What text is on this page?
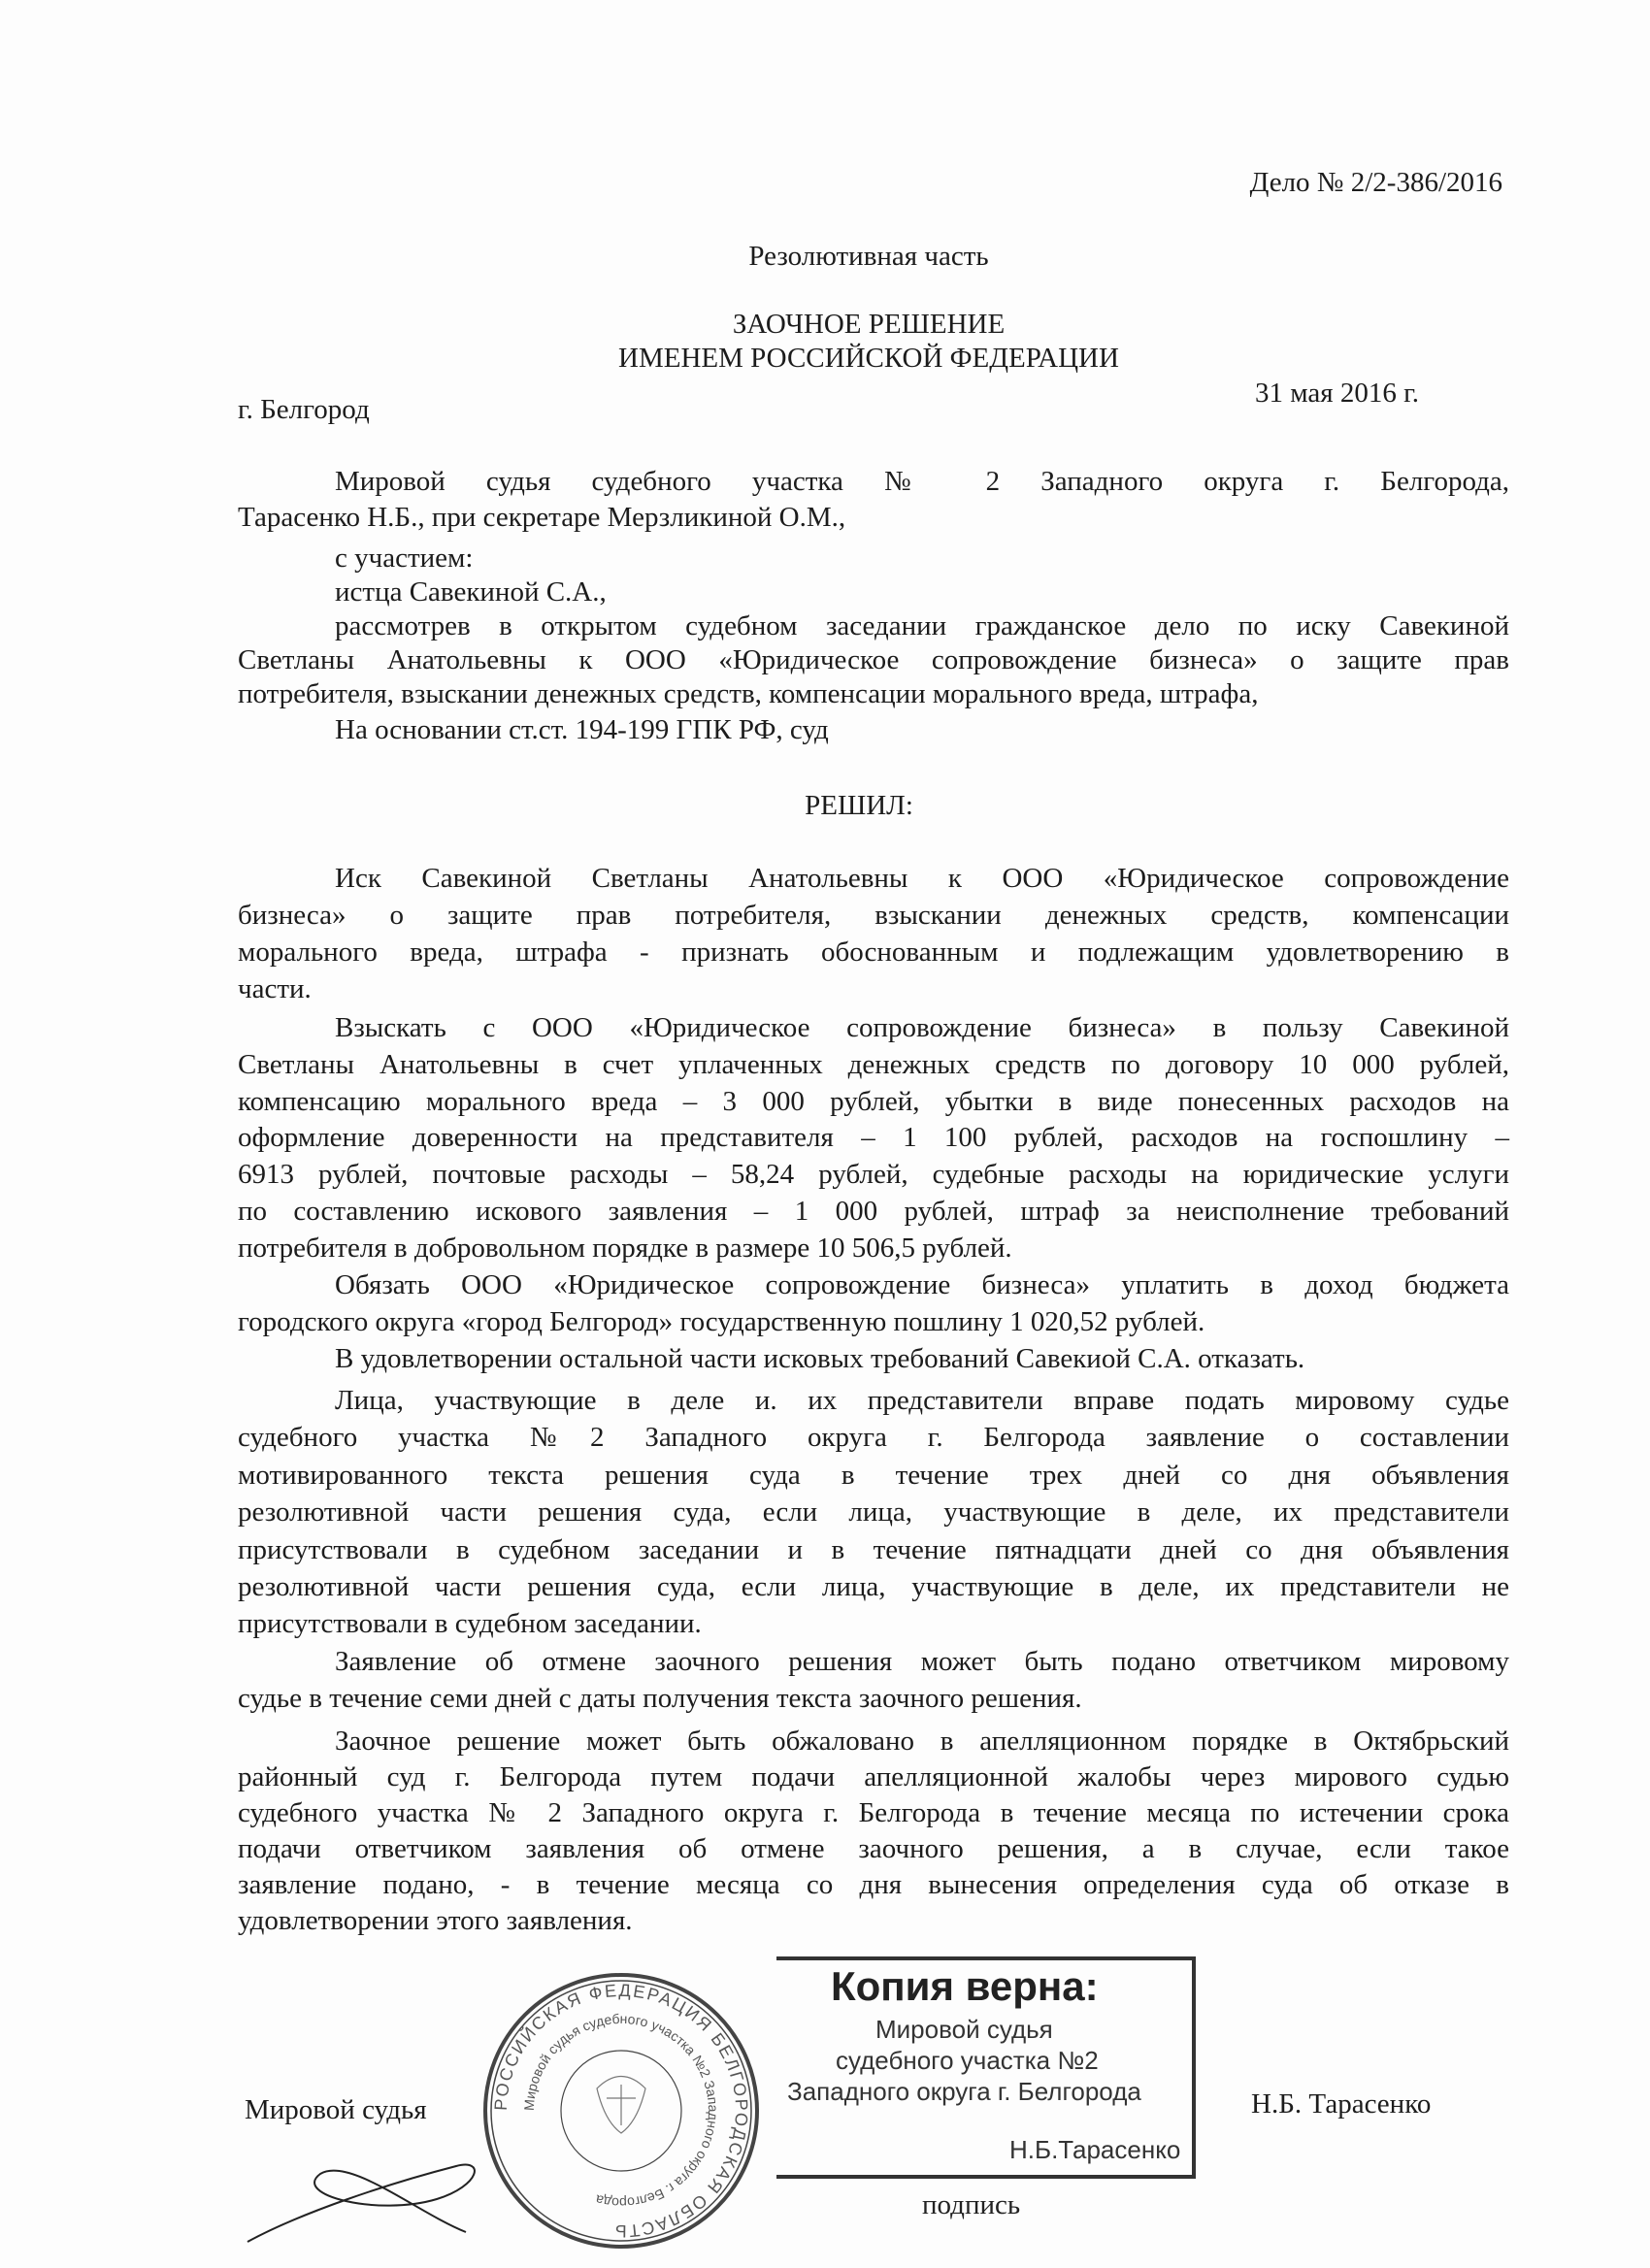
Дело № 2/2-386/2016
Резолютивная часть
ЗАОЧНОЕ РЕШЕНИЕ
ИМЕНЕМ РОССИЙСКОЙ ФЕДЕРАЦИИ
31 мая 2016 г.
г. Белгород
Мировой судья судебного участка № 2 Западного округа г. Белгорода,
Тарасенко Н.Б., при секретаре Мерзликиной О.М.,
с участием:
истца Савекиной С.А.,
рассмотрев в открытом судебном заседании гражданское дело по иску Савекиной
Светланы Анатольевны к ООО «Юридическое сопровождение бизнеса» о защите прав
потребителя, взыскании денежных средств, компенсации морального вреда, штрафа,
На основании ст.ст. 194-199 ГПК РФ, суд
РЕШИЛ:
Иск Савекиной Светланы Анатольевны к ООО «Юридическое сопровождение
бизнеса» о защите прав потребителя, взыскании денежных средств, компенсации
морального вреда, штрафа - признать обоснованным и подлежащим удовлетворению в
части.
Взыскать с ООО «Юридическое сопровождение бизнеса» в пользу Савекиной
Светланы Анатольевны в счет уплаченных денежных средств по договору 10 000 рублей,
компенсацию морального вреда – 3 000 рублей, убытки в виде понесенных расходов на
оформление доверенности на представителя – 1 100 рублей, расходов на госпошлину –
6913 рублей, почтовые расходы – 58,24 рублей, судебные расходы на юридические услуги
по составлению искового заявления – 1 000 рублей, штраф за неисполнение требований
потребителя в добровольном порядке в размере 10 506,5 рублей.
Обязать ООО «Юридическое сопровождение бизнеса» уплатить в доход бюджета
городского округа «город Белгород» государственную пошлину 1 020,52 рублей.
В удовлетворении остальной части исковых требований Савекиой С.А. отказать.
Лица, участвующие в деле и. их представители вправе подать мировому судье
судебного участка №2 Западного округа г. Белгорода заявление о составлении
мотивированного текста решения суда в течение трех дней со дня объявления
резолютивной части решения суда, если лица, участвующие в деле, их представители
присутствовали в судебном заседании и в течение пятнадцати дней со дня объявления
резолютивной части решения суда, если лица, участвующие в деле, их представители не
присутствовали в судебном заседании.
Заявление об отмене заочного решения может быть подано ответчиком мировому
судье в течение семи дней с даты получения текста заочного решения.
Заочное решение может быть обжаловано в апелляционном порядке в Октябрьский
районный суд г. Белгорода путем подачи апелляционной жалобы через мирового судью
судебного участка № 2 Западного округа г. Белгорода в течение месяца по истечении срока
подачи ответчиком заявления об отмене заочного решения, а в случае, если такое
заявление подано, - в течение месяца со дня вынесения определения суда об отказе в
удовлетворении этого заявления.
Мировой судья	Н.Б. Тарасенко
РОССИЙСКАЯ ФЕДЕРАЦИЯ БЕЛГОРОДСКАЯ ОБЛАСТЬ
Мировой судья судебного участка №2 Западного округа г. Белгорода
Копия верна:
Мировой судья
судебного участка №2
Западного округа г. Белгорода
Н.Б.Тарасенко
подпись
